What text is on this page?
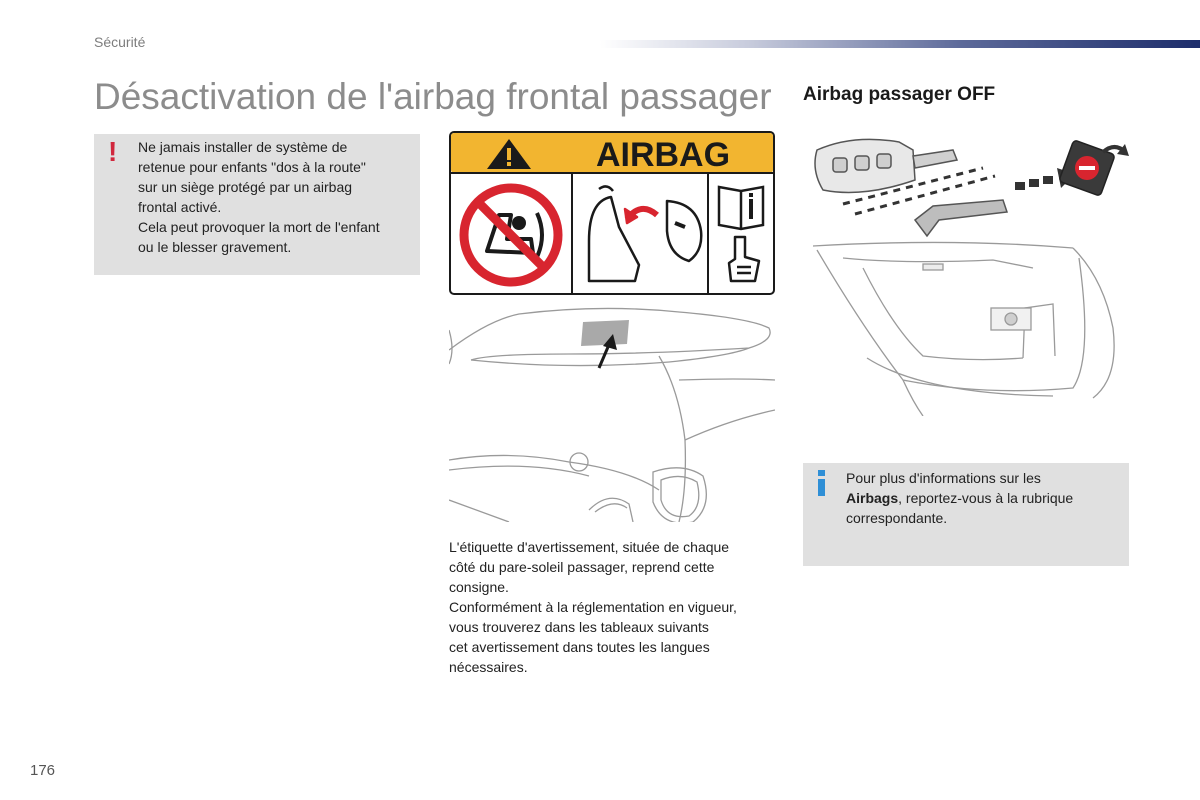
Sécurité
Désactivation de l'airbag frontal passager
! Ne jamais installer de système de

retenue pour enfants "dos à la route"

sur un siège protégé par un airbag

frontal activé.

Cela peut provoquer la mort de l'enfant

ou le blesser gravement.

AIRBAG

L'étiquette d'avertissement, située de chaque

côté du pare-soleil passager, reprend cette

consigne.

Conformément à la réglementation en vigueur,

vous trouverez dans les tableaux suivants

cet avertissement dans toutes les langues

nécessaires.

Airbag passager OFF

Pour plus d'informations sur les

Airbags, reportez-vous à la rubrique

correspondante.

176
